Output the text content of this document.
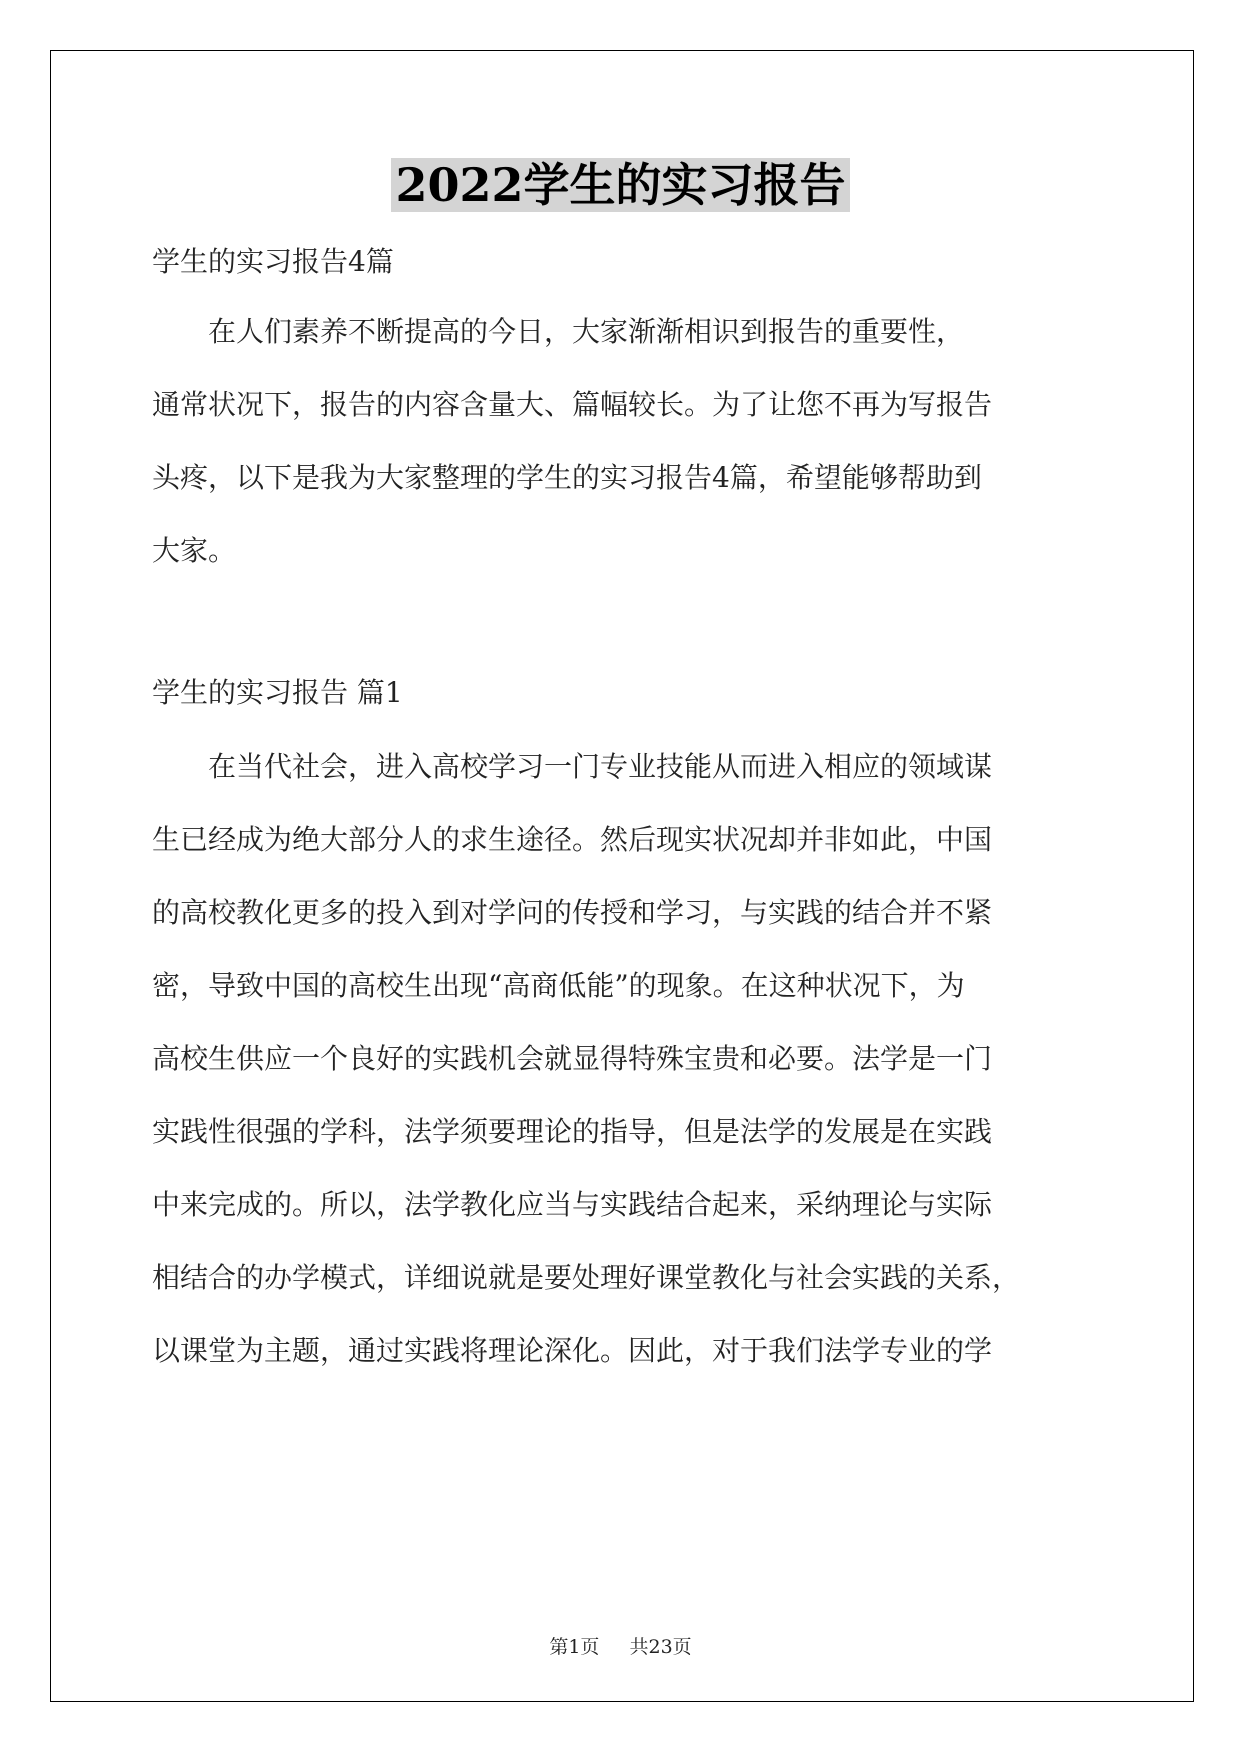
2022学生的实习报告
学生的实习报告4篇
　　在人们素养不断提高的今日，大家渐渐相识到报告的重要性，
通常状况下，报告的内容含量大、篇幅较长。为了让您不再为写报告
头疼，以下是我为大家整理的学生的实习报告4篇，希望能够帮助到
大家。
学生的实习报告 篇1
　　在当代社会，进入高校学习一门专业技能从而进入相应的领域谋
生已经成为绝大部分人的求生途径。然后现实状况却并非如此，中国
的高校教化更多的投入到对学问的传授和学习，与实践的结合并不紧
密，导致中国的高校生出现“高商低能”的现象。在这种状况下，为
高校生供应一个良好的实践机会就显得特殊宝贵和必要。法学是一门
实践性很强的学科，法学须要理论的指导，但是法学的发展是在实践
中来完成的。所以，法学教化应当与实践结合起来，采纳理论与实际
相结合的办学模式，详细说就是要处理好课堂教化与社会实践的关系，
以课堂为主题，通过实践将理论深化。因此，对于我们法学专业的学
第1页 共23页
